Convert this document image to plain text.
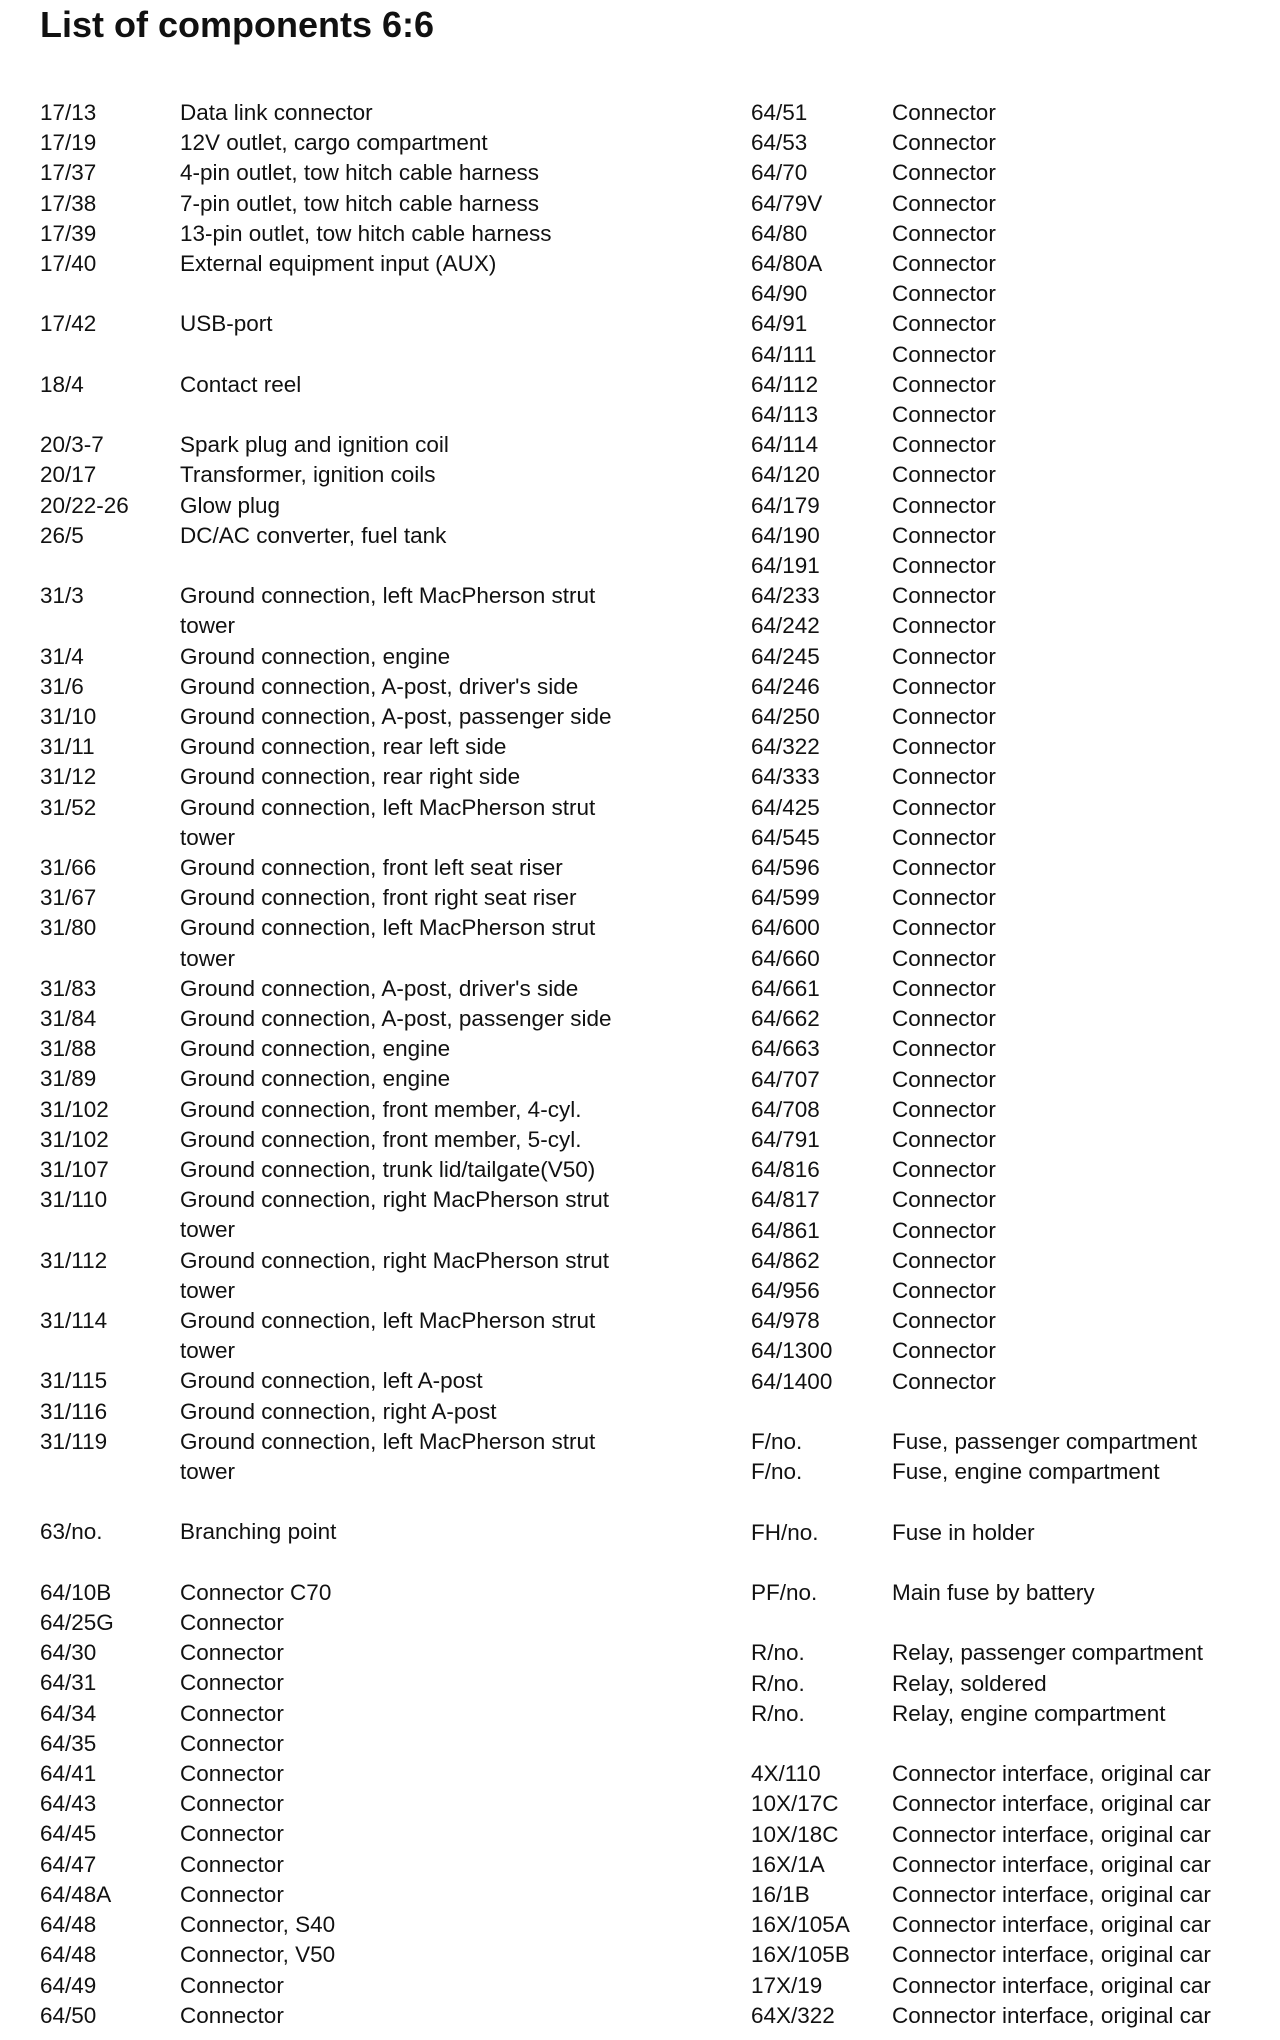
List of components 6:6
17/13	Data link connector
17/19	12V outlet, cargo compartment
17/37	4-pin outlet, tow hitch cable harness
17/38	7-pin outlet, tow hitch cable harness
17/39	13-pin outlet, tow hitch cable harness
17/40	External equipment input (AUX)
17/42	USB-port
18/4	Contact reel
20/3-7	Spark plug and ignition coil
20/17	Transformer, ignition coils
20/22-26	Glow plug
26/5	DC/AC converter, fuel tank
31/3	Ground connection, left MacPherson strut
tower
31/4	Ground connection, engine
31/6	Ground connection, A-post, driver's side
31/10	Ground connection, A-post, passenger side
31/11	Ground connection, rear left side
31/12	Ground connection, rear right side
31/52	Ground connection, left MacPherson strut
tower
31/66	Ground connection, front left seat riser
31/67	Ground connection, front right seat riser
31/80	Ground connection, left MacPherson strut
tower
31/83	Ground connection, A-post, driver's side
31/84	Ground connection, A-post, passenger side
31/88	Ground connection, engine
31/89	Ground connection, engine
31/102	Ground connection, front member, 4-cyl.
31/102	Ground connection, front member, 5-cyl.
31/107	Ground connection, trunk lid/tailgate(V50)
31/110	Ground connection, right MacPherson strut
tower
31/112	Ground connection, right MacPherson strut
tower
31/114	Ground connection, left MacPherson strut
tower
31/115	Ground connection, left A-post
31/116	Ground connection, right A-post
31/119	Ground connection, left MacPherson strut
tower
63/no.	Branching point
64/10B	Connector C70
64/25G	Connector
64/30	Connector
64/31	Connector
64/34	Connector
64/35	Connector
64/41	Connector
64/43	Connector
64/45	Connector
64/47	Connector
64/48A	Connector
64/48	Connector, S40
64/48	Connector, V50
64/49	Connector
64/50	Connector
64/51	Connector
64/53	Connector
64/70	Connector
64/79V	Connector
64/80	Connector
64/80A	Connector
64/90	Connector
64/91	Connector
64/111	Connector
64/112	Connector
64/113	Connector
64/114	Connector
64/120	Connector
64/179	Connector
64/190	Connector
64/191	Connector
64/233	Connector
64/242	Connector
64/245	Connector
64/246	Connector
64/250	Connector
64/322	Connector
64/333	Connector
64/425	Connector
64/545	Connector
64/596	Connector
64/599	Connector
64/600	Connector
64/660	Connector
64/661	Connector
64/662	Connector
64/663	Connector
64/707	Connector
64/708	Connector
64/791	Connector
64/816	Connector
64/817	Connector
64/861	Connector
64/862	Connector
64/956	Connector
64/978	Connector
64/1300	Connector
64/1400	Connector
F/no.	Fuse, passenger compartment
F/no.	Fuse, engine compartment
FH/no.	Fuse in holder
PF/no.	Main fuse by battery
R/no.	Relay, passenger compartment
R/no.	Relay, soldered
R/no.	Relay, engine compartment
4X/110	Connector interface, original car
10X/17C	Connector interface, original car
10X/18C	Connector interface, original car
16X/1A	Connector interface, original car
16/1B	Connector interface, original car
16X/105A	Connector interface, original car
16X/105B	Connector interface, original car
17X/19	Connector interface, original car
64X/322	Connector interface, original car
